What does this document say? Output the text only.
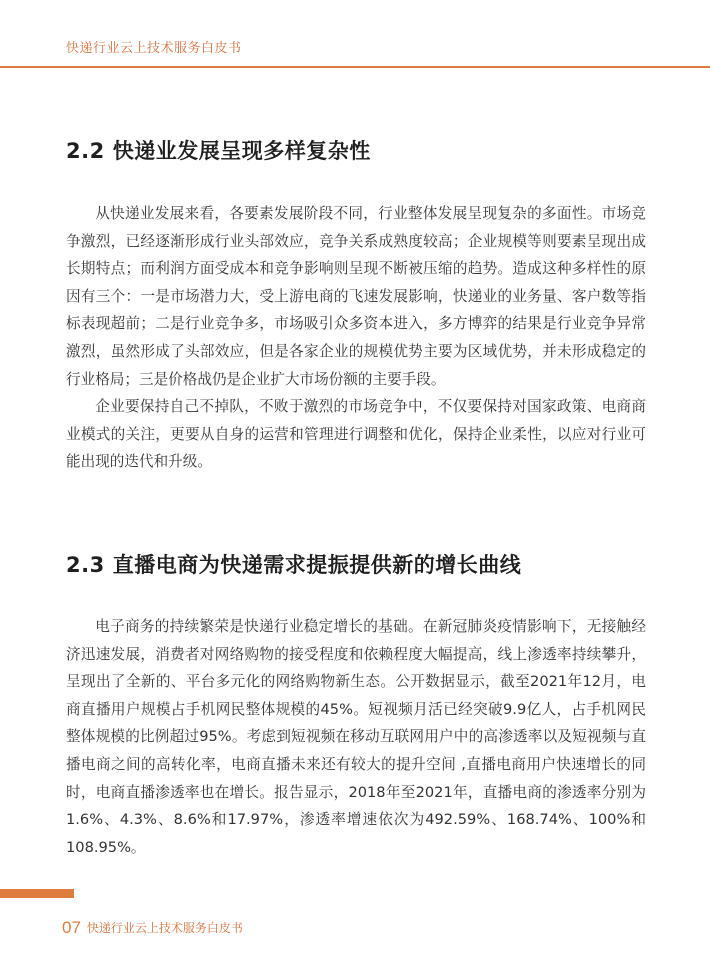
快递行业云上技术服务白皮书
2.2 快递业发展呈现多样复杂性

从快递业发展来看，各要素发展阶段不同，行业整体发展呈现复杂的多面性。市场竞争激烈，已经逐渐形成行业头部效应，竞争关系成熟度较高；企业规模等则要素呈现出成长期特点；而利润方面受成本和竞争影响则呈现不断被压缩的趋势。造成这种多样性的原因有三个：一是市场潜力大，受上游电商的飞速发展影响，快递业的业务量、客户数等指标表现超前；二是行业竞争多，市场吸引众多资本进入，多方博弈的结果是行业竞争异常激烈，虽然形成了头部效应，但是各家企业的规模优势主要为区域优势，并未形成稳定的行业格局；三是价格战仍是企业扩大市场份额的主要手段。

企业要保持自己不掉队，不败于激烈的市场竞争中，不仅要保持对国家政策、电商商业模式的关注，更要从自身的运营和管理进行调整和优化，保持企业柔性，以应对行业可能出现的迭代和升级。

2.3 直播电商为快递需求提振提供新的增长曲线

电子商务的持续繁荣是快递行业稳定增长的基础。在新冠肺炎疫情影响下，无接触经济迅速发展，消费者对网络购物的接受程度和依赖程度大幅提高，线上渗透率持续攀升，呈现出了全新的、平台多元化的网络购物新生态。公开数据显示，截至2021年12月，电商直播用户规模占手机网民整体规模的45%。短视频月活已经突破9.9亿人，占手机网民整体规模的比例超过95%。考虑到短视频在移动互联网用户中的高渗透率以及短视频与直播电商之间的高转化率，电商直播未来还有较大的提升空间 ,直播电商用户快速增长的同时，电商直播渗透率也在增长。报告显示，2018年至2021年，直播电商的渗透率分别为1.6%、4.3%、8.6%和17.97%，渗透率增速依次为492.59%、168.74%、100%和108.95%。

07 快递行业云上技术服务白皮书
